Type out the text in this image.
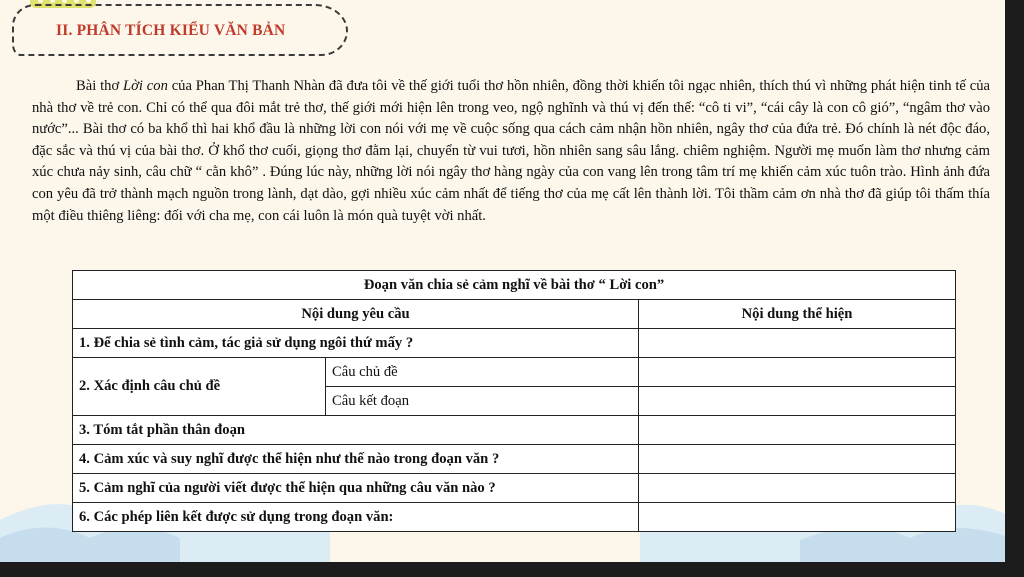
II. PHÂN TÍCH KIỂU VĂN BẢN

Bài thơ Lời con của Phan Thị Thanh Nhàn đã đưa tôi về thế giới tuổi thơ hồn nhiên, đồng thời khiến tôi ngạc nhiên, thích thú vì những phát hiện tinh tế của nhà thơ về trẻ con. Chỉ có thể qua đôi mắt trẻ thơ, thế giới mới hiện lên trong veo, ngộ nghĩnh và thú vị đến thế: “cô ti vi”, “cái cây là con cô gió”, “ngâm thơ vào nước”... Bài thơ có ba khổ thì hai khổ đầu là những lời con nói với mẹ về cuộc sống qua cách cảm nhận hồn nhiên, ngây thơ của đứa trẻ. Đó chính là nét độc đáo, đặc sắc và thú vị của bài thơ. Ở khổ thơ cuối, giọng thơ đằm lại, chuyển từ vui tươi, hồn nhiên sang sâu lắng. chiêm nghiệm. Người mẹ muốn làm thơ nhưng cảm xúc chưa nảy sinh, câu chữ “ cằn khô” . Đúng lúc này, những lời nói ngây thơ hàng ngày của con vang lên trong tâm trí mẹ khiến cảm xúc tuôn trào. Hình ảnh đứa con yêu đã trở thành mạch nguồn trong lành, dạt dào, gợi nhiều xúc cảm nhất để tiếng thơ của mẹ cất lên thành lời. Tôi thầm cảm ơn nhà thơ đã giúp tôi thấm thía một điều thiêng liêng: đối với cha mẹ, con cái luôn là món quà tuyệt vời nhất.

Đoạn văn chia sẻ cảm nghĩ về bài thơ “ Lời con”		
Nội dung yêu cầu		Nội dung thể hiện
1. Để chia sẻ tình cảm, tác giả sử dụng ngôi thứ mấy ?		
2. Xác định câu chủ đề	Câu chủ đề	
	Câu kết đoạn	
3. Tóm tắt phần thân đoạn		
4. Cảm xúc và suy nghĩ được thể hiện như thế nào trong đoạn văn ?		
5. Cảm nghĩ của người viết được thể hiện qua những câu văn nào ?		
6. Các phép liên kết được sử dụng trong đoạn văn:		
